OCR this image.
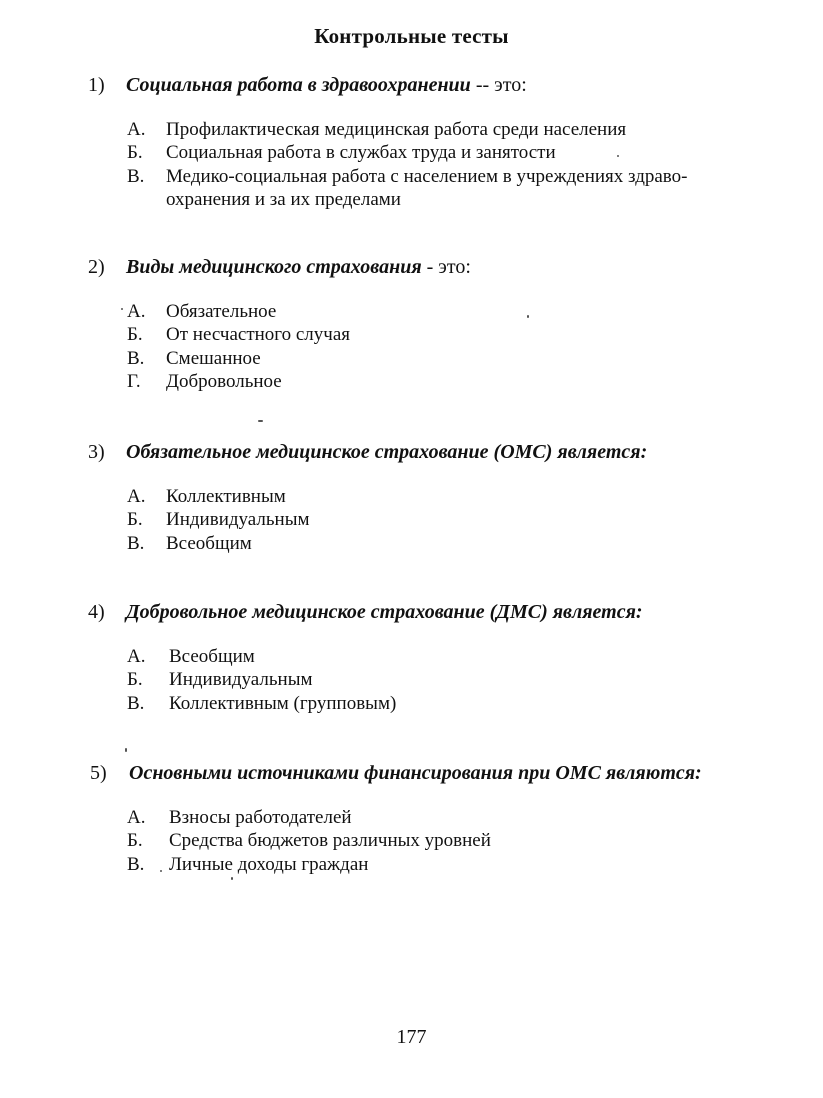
Контрольные тесты
1) Социальная работа в здравоохранении -- это:
А. Профилактическая медицинская работа среди населения
Б. Социальная работа в службах труда и занятости
В. Медико-социальная работа с населением в учреждениях здраво-охранения и за их пределами
2) Виды медицинского страхования - это:
А. Обязательное
Б. От несчастного случая
В. Смешанное
Г. Добровольное
3) Обязательное медицинское страхование (ОМС) является:
А. Коллективным
Б. Индивидуальным
В. Всеобщим
4) Добровольное медицинское страхование (ДМС) является:
А. Всеобщим
Б. Индивидуальным
В. Коллективным (групповым)
5) Основными источниками финансирования при ОМС являются:
А. Взносы работодателей
Б. Средства бюджетов различных уровней
В. Личные доходы граждан
177
